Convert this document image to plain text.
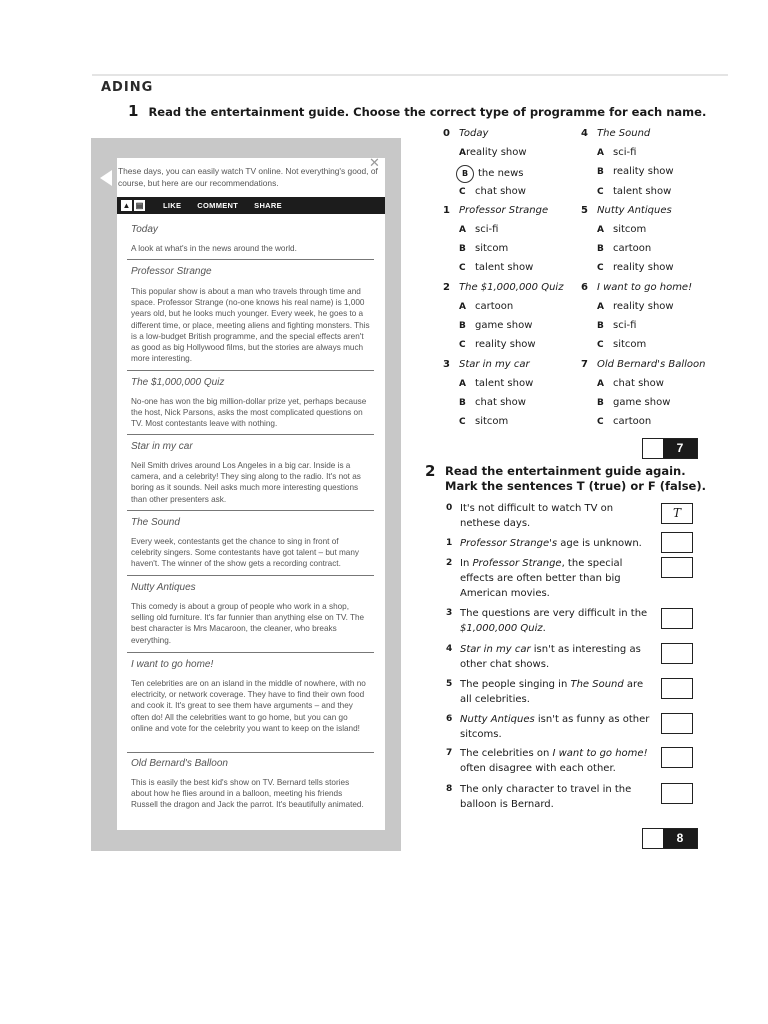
ADING
1 Read the entertainment guide. Choose the correct type of programme for each name.
These days, you can easily watch TV online. Not everything's good, of course, but here are our recommendations.
✕
▲ ▤	LIKE COMMENT SHARE
Today
A look at what's in the news around the world.
Professor Strange
This popular show is about a man who travels through time and space. Professor Strange (no-one knows his real name) is 1,000 years old, but he looks much younger. Every week, he goes to a different time, or place, meeting aliens and fighting monsters. This is a low-budget British programme, and the special effects aren't as good as big Hollywood films, but the stories are always much more interesting.
The $1,000,000 Quiz
No-one has won the big million-dollar prize yet, perhaps because the host, Nick Parsons, asks the most complicated questions on TV. Most contestants leave with nothing.
Star in my car
Neil Smith drives around Los Angeles in a big car. Inside is a camera, and a celebrity! They sing along to the radio. It's not as boring as it sounds. Neil asks much more interesting questions than other presenters ask.
The Sound
Every week, contestants get the chance to sing in front of celebrity singers. Some contestants have got talent – but many haven't. The winner of the show gets a recording contract.
Nutty Antiques
This comedy is about a group of people who work in a shop, selling old furniture. It's far funnier than anything else on TV. The best character is Mrs Macaroon, the cleaner, who breaks everything.
I want to go home!
Ten celebrities are on an island in the middle of nowhere, with no electricity, or network coverage. They have to find their own food and cook it. It's great to see them have arguments – and they often do! All the celebrities want to go home, but you can go online and vote for the celebrity you want to keep on the island!
Old Bernard's Balloon
This is easily the best kid's show on TV. Bernard tells stories about how he flies around in a balloon, meeting his friends Russell the dragon and Jack the parrot. It's beautifully animated.
0 Today
Areality show
B the news
C chat show
1 Professor Strange
A sci-fi
B sitcom
C talent show
2 The $1,000,000 Quiz
A cartoon
B game show
C reality show
3 Star in my car
A talent show
B chat show
C sitcom
4 The Sound
A sci-fi
B reality show
C talent show
5 Nutty Antiques
A sitcom
B cartoon
C reality show
6 I want to go home!
A reality show
B sci-fi
C sitcom
7 Old Bernard's Balloon
A chat show
B game show
C cartoon
7
2 Read the entertainment guide again. Mark the sentences T (true) or F (false).
0 It's not difficult to watch TV on nethese days.
T
1 Professor Strange's age is unknown.
2 In Professor Strange, the special effects are often better than big American movies.
3 The questions are very difficult in the $1,000,000 Quiz.
4 Star in my car isn't as interesting as other chat shows.
5 The people singing in The Sound are all celebrities.
6 Nutty Antiques isn't as funny as other sitcoms.
7 The celebrities on I want to go home! often disagree with each other.
8 The only character to travel in the balloon is Bernard.
8
